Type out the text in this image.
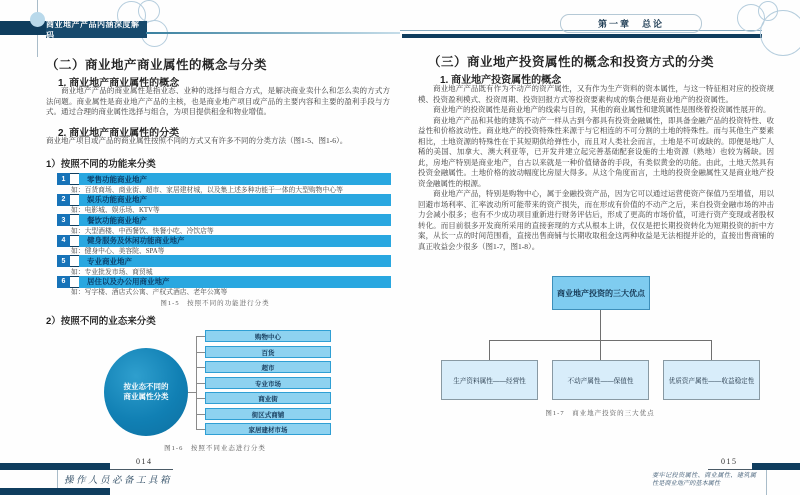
商业地产产品内涵深度解码
第一章　总论
（二）商业地产商业属性的概念与分类
1. 商业地产商业属性的概念

商业地产产品的商业属性是指业态、业种的选择与组合方式，是解决商业卖什么和怎么卖的方式方法问题。商业属性是商业地产产品的主核，也是商业地产项目或产品的主要内容和主要的盈利手段与方式。通过合理的商业属性选择与组合，为项目提供租金和物业增值。

2. 商业地产商业属性的分类

商业地产项目或产品的商业属性按照不同的方式又有许多不同的分类方法（图1-5、图1-6）。

1）按照不同的功能来分类
1	零售功能商业地产
如：百货商场、商业街、超市、家居建材城，以及集上述多种功能于一体的大型购物中心等
2	娱乐功能商业地产
如：电影城、娱乐场、KTV等
3	餐饮功能商业地产
如：大型酒楼、中西餐饮、快餐小吃、冷饮店等
4	健身服务及休闲功能商业地产
如：健身中心、美容院、SPA等
5	专业商业地产
如：专业批发市场、商贸城
6	居住以及办公用商业地产
如：写字楼、酒店式公寓、产权式酒店、老年公寓等
图1-5　按照不同的功能进行分类
2）按照不同的业态来分类
按业态不同的
商业属性分类
购物中心
百货
超市
专业市场
商业街
街区式商铺
家居建材市场
图1-6　按照不同业态进行分类
014
操作人员必备工具箱
（三）商业地产投资属性的概念和投资方式的分类
1. 商业地产投资属性的概念

商业地产产品既有作为不动产的资产属性，又有作为生产资料的资本属性，与这一特征相对应的投资规模、投资盈利模式、投资周期、投资回报方式等投资要素构成的集合便是商业地产的投资属性。

商业地产的投资属性是商业地产的线索与目的，其他的商业属性和建筑属性是围绕着投资属性展开的。

商业地产产品和其他的建筑不动产一样从古到今都具有投资金融属性，即具备金融产品的投资特性、收益性和价格波动性。商业地产的投资特殊性来源于与它相连的不可分割的土地的特殊性。而与其他生产要素相比，土地资源的特殊性在于其短期供给弹性小，而且对人类社会而言，土地是不可或缺的。即便是地广人稀的美国、加拿大、澳大利亚等，已开发并建立起完善基础配套设施的土地资源（熟地）也较为稀缺。因此，房地产特别是商业地产，自古以来就是一种价值储备的手段，有类似黄金的功能。由此，土地天然具有投资金融属性。土地价格的波动幅度比房屋大得多。从这个角度而言，土地的投资金融属性又是商业地产投资金融属性的根源。

商业地产产品，特别是购物中心，属于金融投资产品，因为它可以通过运营使资产保值乃至增值，用以回避市场利率、汇率波动所可能带来的资产损失，而在形成有价值的不动产之后，来自投资金融市场的冲击力会减小很多；也有不少成功项目重新进行财务评估后，形成了更高的市场价值，可进行资产变现或者股权转化。而目前很多开发商所采用的直接套现的方式从根本上讲，仅仅是把长期投资转化为短期投资的折中方案，从长一点的时间范围看，直接出售商铺与长期收取租金这两种收益是无法相提并论的，直接出售商铺的真正收益会少很多（图1-7，图1-8）。

商业地产投资的三大优点
生产资料属性——经营性	不动产属性——保值性	优质资产属性——收益稳定性
图1-7　商业地产投资的三大优点
015
要牢记投资属性、商业属性、建筑属性是商业地产的基本属性
